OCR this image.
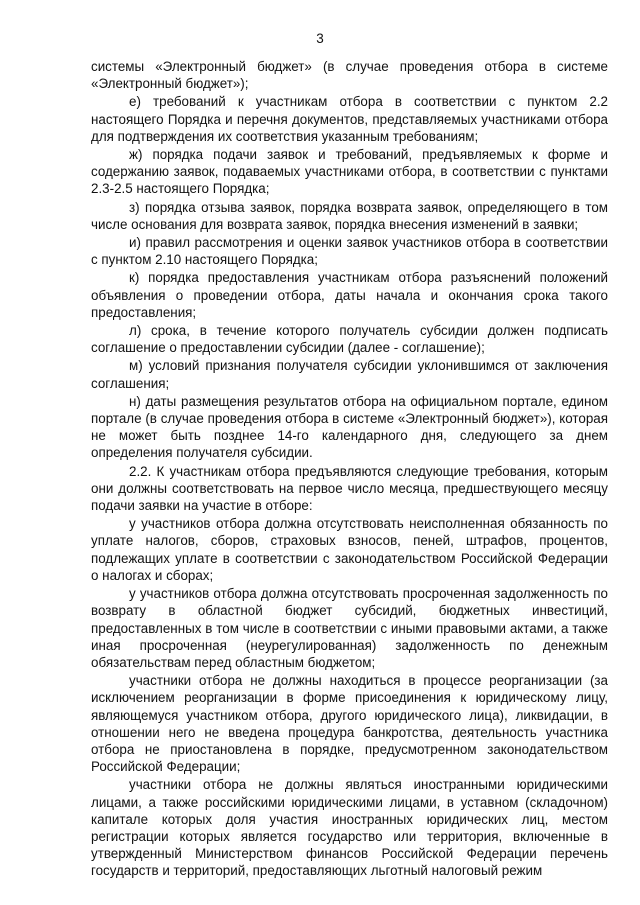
3

системы «Электронный бюджет» (в случае проведения отбора в системе «Электронный бюджет»);

е) требований к участникам отбора в соответствии с пунктом 2.2 настоящего Порядка и перечня документов, представляемых участниками отбора для подтверждения их соответствия указанным требованиям;

ж) порядка подачи заявок и требований, предъявляемых к форме и содержанию заявок, подаваемых участниками отбора, в соответствии с пунктами 2.3-2.5 настоящего Порядка;

з) порядка отзыва заявок, порядка возврата заявок, определяющего в том числе основания для возврата заявок, порядка внесения изменений в заявки;

и) правил рассмотрения и оценки заявок участников отбора в соответствии с пунктом 2.10 настоящего Порядка;

к) порядка предоставления участникам отбора разъяснений положений объявления о проведении отбора, даты начала и окончания срока такого предоставления;

л) срока, в течение которого получатель субсидии должен подписать соглашение о предоставлении субсидии (далее - соглашение);

м) условий признания получателя субсидии уклонившимся от заключения соглашения;

н) даты размещения результатов отбора на официальном портале, едином портале (в случае проведения отбора в системе «Электронный бюджет»), которая не может быть позднее 14-го календарного дня, следующего за днем определения получателя субсидии.

2.2. К участникам отбора предъявляются следующие требования, которым они должны соответствовать на первое число месяца, предшествующего месяцу подачи заявки на участие в отборе:

у участников отбора должна отсутствовать неисполненная обязанность по уплате налогов, сборов, страховых взносов, пеней, штрафов, процентов, подлежащих уплате в соответствии с законодательством Российской Федерации о налогах и сборах;

у участников отбора должна отсутствовать просроченная задолженность по возврату в областной бюджет субсидий, бюджетных инвестиций, предоставленных в том числе в соответствии с иными правовыми актами, а также иная просроченная (неурегулированная) задолженность по денежным обязательствам перед областным бюджетом;

участники отбора не должны находиться в процессе реорганизации (за исключением реорганизации в форме присоединения к юридическому лицу, являющемуся участником отбора, другого юридического лица), ликвидации, в отношении него не введена процедура банкротства, деятельность участника отбора не приостановлена в порядке, предусмотренном законодательством Российской Федерации;

участники отбора не должны являться иностранными юридическими лицами, а также российскими юридическими лицами, в уставном (складочном) капитале которых доля участия иностранных юридических лиц, местом регистрации которых является государство или территория, включенные в утвержденный Министерством финансов Российской Федерации перечень государств и территорий, предоставляющих льготный налоговый режим
